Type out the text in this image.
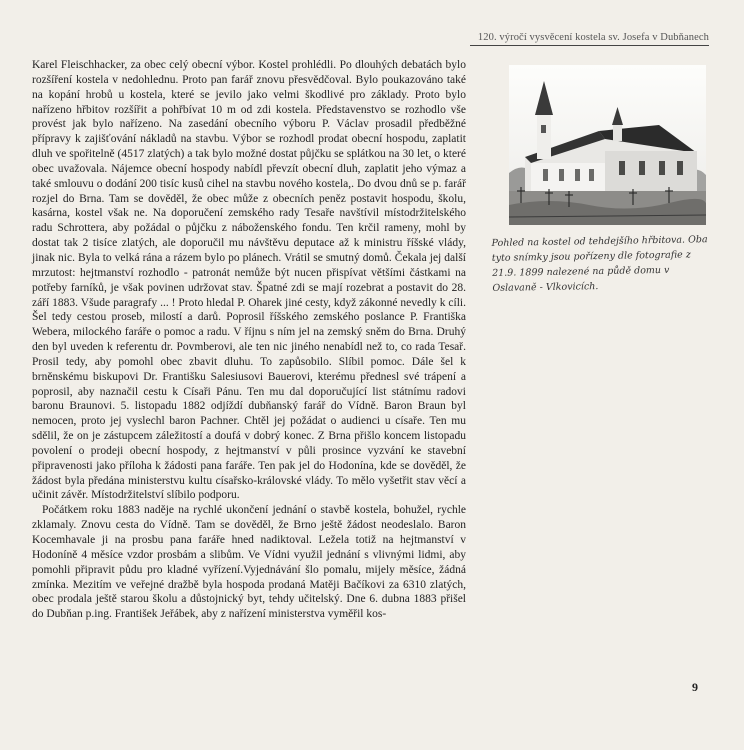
120. výročí vysvěcení kostela sv. Josefa v Dubňanech

Karel Fleischhacker, za obec celý obecní výbor. Kostel prohlédli. Po dlouhých debatách bylo rozšíření kostela v nedohlednu. Proto pan farář znovu přesvědčoval. Bylo poukazováno také na kopání hrobů u kostela, které se jevilo jako velmi škodlivé pro základy. Proto bylo nařízeno hřbitov rozšířit a pohřbívat 10 m od zdi kostela. Představenstvo se rozhodlo vše provést jak bylo nařízeno. Na zasedání obecního výboru P. Václav prosadil předběžné přípravy k zajišťování nákladů na stavbu. Výbor se rozhodl prodat obecní hospodu, zaplatit dluh ve spořitelně (4517 zlatých) a tak bylo možné dostat půjčku se splátkou na 30 let, o které obec uvažovala. Nájemce obecní hospody nabídl převzít obecní dluh, zaplatit jeho výmaz a také smlouvu o dodání 200 tisíc kusů cihel na stavbu nového kostela,. Do dvou dnů se p. farář rozjel do Brna. Tam se dověděl, že obec může z obecních peněz postavit hospodu, školu, kasárna, kostel však ne. Na doporučení zemského rady Tesaře navštívil místodržitelského radu Schrottera, aby požádal o půjčku z náboženského fondu. Ten krčil rameny, mohl by dostat tak 2 tisíce zlatých, ale doporučil mu návštěvu deputace až k ministru říšské vlády, jinak nic. Byla to velká rána a rázem bylo po plánech. Vrátil se smutný domů. Čekala jej další mrzutost: hejtmanství rozhodlo - patronát nemůže být nucen přispívat většími částkami na potřeby farníků, je však povinen udržovat stav. Špatné zdi se mají rozebrat a postavit do 28. září 1883. Všude paragrafy ... ! Proto hledal P. Oharek jiné cesty, když zákonné nevedly k cíli. Šel tedy cestou proseb, milostí a darů. Poprosil říšského zemského poslance P. Františka Webera, milockého faráře o pomoc a radu. V říjnu s ním jel na zemský sněm do Brna. Druhý den byl uveden k referentu dr. Povmberovi, ale ten nic jiného nenabídl než to, co rada Tesař. Prosil tedy, aby pomohl obec zbavit dluhu. To zapůsobilo. Slíbil pomoc. Dále šel k brněnskému biskupovi Dr. Františku Salesiusovi Bauerovi, kterému přednesl své trápení a poprosil, aby naznačil cestu k Císaři Pánu. Ten mu dal doporučující list státnímu radovi baronu Braunovi. 5. listopadu 1882 odjíždí dubňanský farář do Vídně. Baron Braun byl nemocen, proto jej vyslechl baron Pachner. Chtěl jej požádat o audienci u císaře. Ten mu sdělil, že on je zástupcem záležitostí a doufá v dobrý konec. Z Brna přišlo koncem listopadu povolení o prodeji obecní hospody, z hejtmanství v půli prosince vyzvání ke stavební připravenosti jako příloha k žádosti pana faráře. Ten pak jel do Hodonína, kde se dověděl, že žádost byla předána ministerstvu kultu císařsko-královské vlády. To mělo vyšetřit stav věcí a učinit závěr. Místodržitelství slíbilo podporu.

Počátkem roku 1883 naděje na rychlé ukončení jednání o stavbě kostela, bohužel, rychle zklamaly. Znovu cesta do Vídně. Tam se dověděl, že Brno ještě žádost neodeslalo. Baron Kocemhavale ji na prosbu pana faráře hned nadiktoval. Ležela totiž na hejtmanství v Hodoníně 4 měsíce vzdor prosbám a slibům. Ve Vídni využil jednání s vlivnými lidmi, aby pomohli připravit půdu pro kladné vyřízení.Vyjednávání šlo pomalu, mijely měsíce, žádná zmínka. Mezitím ve veřejné dražbě byla hospoda prodaná Matěji Bačíkovi za 6310 zlatých, obec prodala ještě starou školu a důstojnický byt, tehdy učitelský. Dne 6. dubna 1883 přišel do Dubňan p.ing. František Jeřábek, aby z nařízení ministerstva vyměřil kos-

Pohled na kostel od tehdejšího hřbitova. Oba tyto snímky jsou pořízeny dle fotografie z 21.9. 1899 nalezené na půdě domu v Oslavaně - Vlkovicích.
9
